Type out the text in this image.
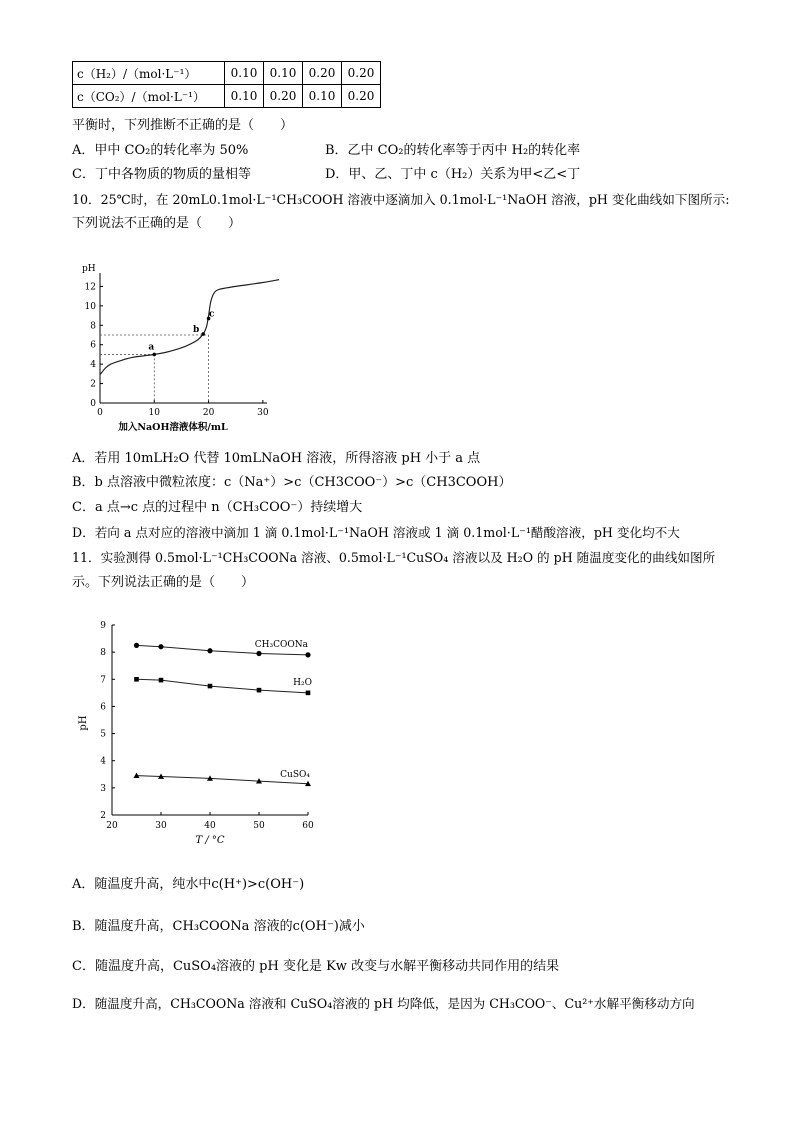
c（H₂）/（mol·L⁻¹）	0.10	0.10	0.20	0.20
c（CO₂）/（mol·L⁻¹）	0.10	0.20	0.10	0.20
平衡时，下列推断不正确的是（　　）
A．甲中 CO₂的转化率为 50%	B．乙中 CO₂的转化率等于丙中 H₂的转化率
C．丁中各物质的物质的量相等	D．甲、乙、丁中 c（H₂）关系为甲<乙<丁
10．25℃时，在 20mL0.1mol·L⁻¹CH₃COOH 溶液中逐滴加入 0.1mol·L⁻¹NaOH 溶液，pH 变化曲线如下图所示:
下列说法不正确的是（　　）
pH
0
2
4
6
8
10
12
0	10	20	30
加入NaOH溶液体积/mL
a
b
c
A．若用 10mLH₂O 代替 10mLNaOH 溶液，所得溶液 pH 小于 a 点
B．b 点溶液中微粒浓度：c（Na⁺）>c（CH3COO⁻）>c（CH3COOH）
C．a 点→c 点的过程中 n（CH₃COO⁻）持续增大
D．若向 a 点对应的溶液中滴加 1 滴 0.1mol·L⁻¹NaOH 溶液或 1 滴 0.1mol·L⁻¹醋酸溶液，pH 变化均不大
11．实验测得 0.5mol·L⁻¹CH₃COONa 溶液、0.5mol·L⁻¹CuSO₄ 溶液以及 H₂O 的 pH 随温度变化的曲线如图所
示。下列说法正确的是（　　）
pH
2
3
4
5
6
7
8
9
20	30	40	50	60
T / °C
CH₃COONa
H₂O
CuSO₄
A．随温度升高，纯水中c(H⁺)>c(OH⁻)
B．随温度升高，CH₃COONa 溶液的c(OH⁻)减小
C．随温度升高，CuSO₄溶液的 pH 变化是 Kw 改变与水解平衡移动共同作用的结果
D．随温度升高，CH₃COONa 溶液和 CuSO₄溶液的 pH 均降低，是因为 CH₃COO⁻、Cu²⁺水解平衡移动方向
